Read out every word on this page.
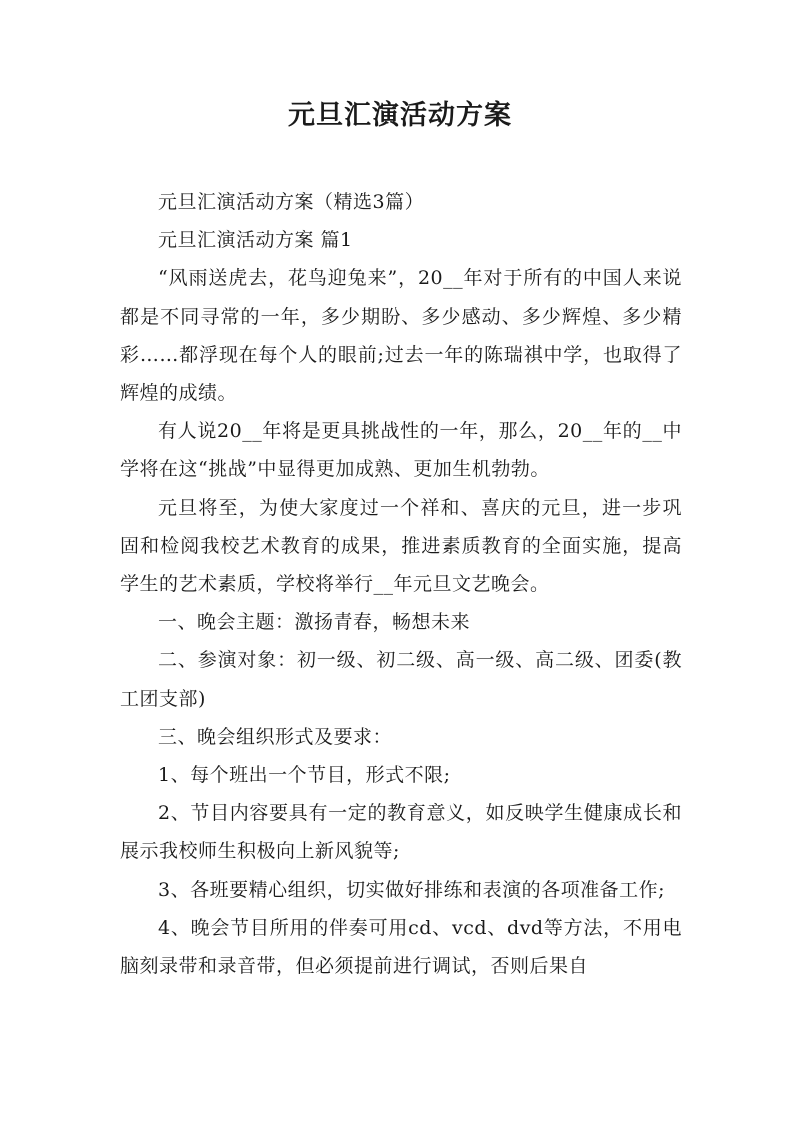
元旦汇演活动方案

元旦汇演活动方案（精选3篇）

元旦汇演活动方案 篇1

“风雨送虎去，花鸟迎兔来”，20__年对于所有的中国人来说都是不同寻常的一年，多少期盼、多少感动、多少辉煌、多少精彩……都浮现在每个人的眼前;过去一年的陈瑞祺中学，也取得了辉煌的成绩。

有人说20__年将是更具挑战性的一年，那么，20__年的__中学将在这“挑战”中显得更加成熟、更加生机勃勃。

元旦将至，为使大家度过一个祥和、喜庆的元旦，进一步巩固和检阅我校艺术教育的成果，推进素质教育的全面实施，提高学生的艺术素质，学校将举行__年元旦文艺晚会。

一、晚会主题：激扬青春，畅想未来

二、参演对象：初一级、初二级、高一级、高二级、团委(教工团支部)

三、晚会组织形式及要求：

1、每个班出一个节目，形式不限;

2、节目内容要具有一定的教育意义，如反映学生健康成长和展示我校师生积极向上新风貌等;

3、各班要精心组织，切实做好排练和表演的各项准备工作;

4、晚会节目所用的伴奏可用cd、vcd、dvd等方法，不用电脑刻录带和录音带，但必须提前进行调试，否则后果自
